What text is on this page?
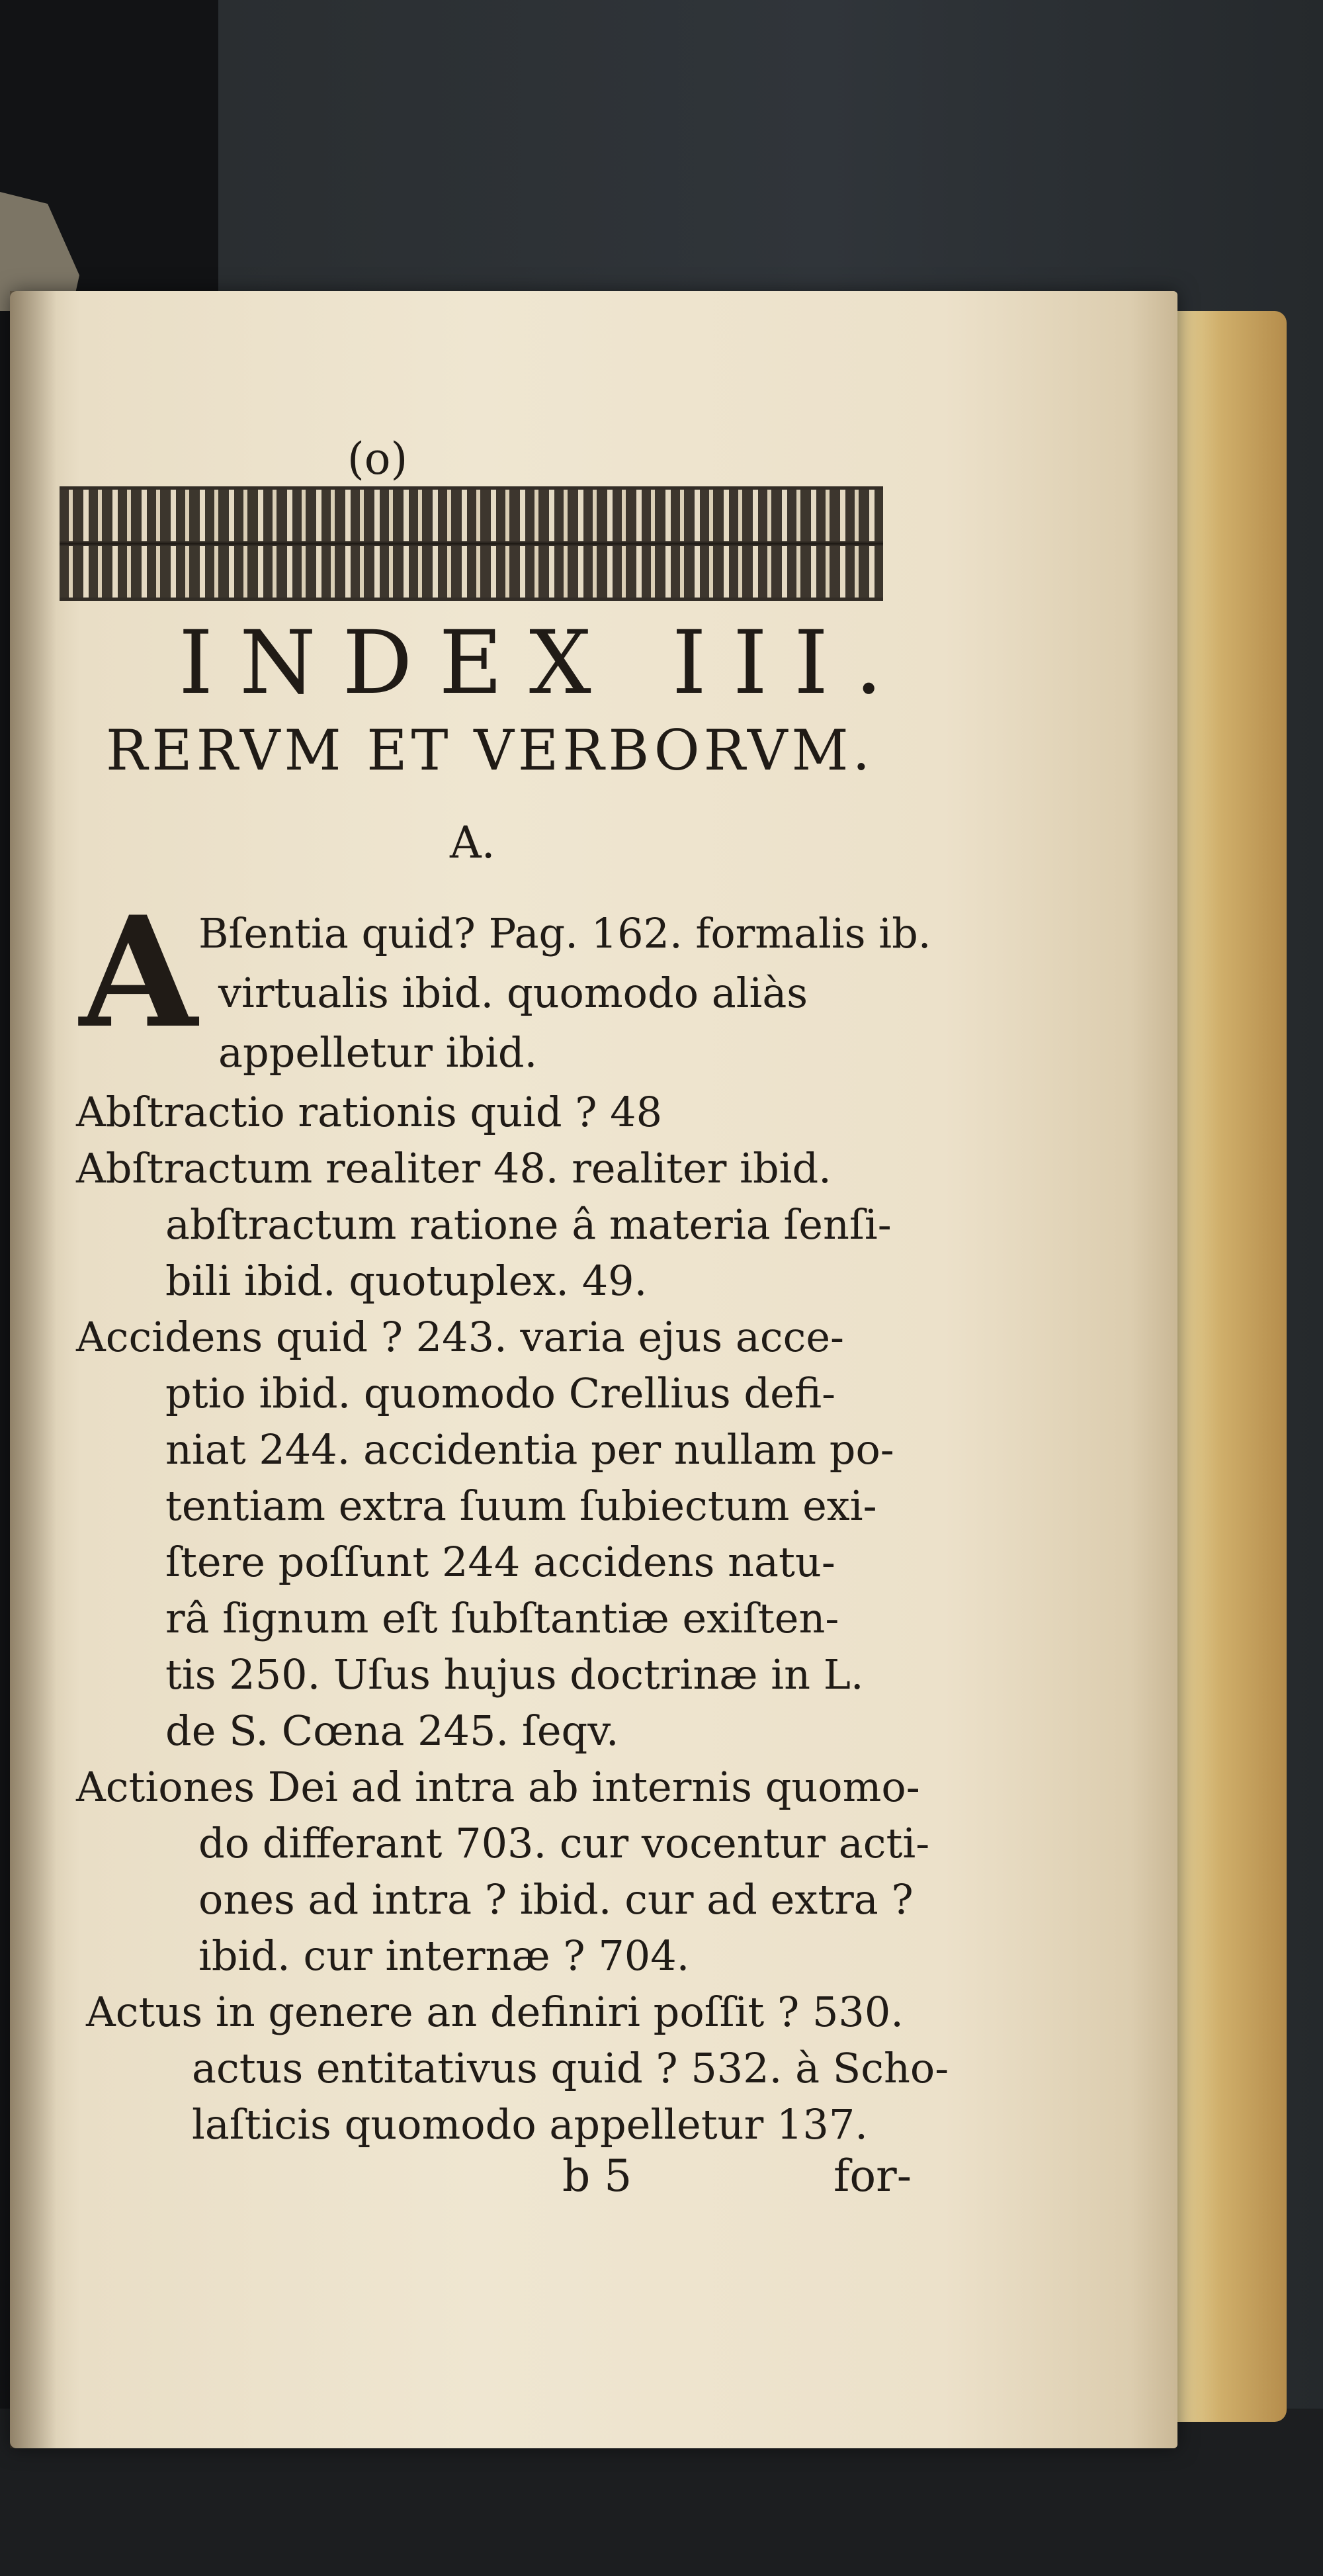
(o)
INDEX III.
RERVM ET VERBORVM.
A.
A Bſentia quid? Pag. 162. formalis ib.
virtualis ibid. quomodo aliàs
appelletur ibid.
Abſtractio rationis quid ? 48
Abſtractum realiter 48. realiter ibid.
abſtractum ratione â materia ſenſi-
bili ibid. quotuplex. 49.
Accidens quid ? 243. varia ejus acce-
ptio ibid. quomodo Crellius defi-
niat 244. accidentia per nullam po-
tentiam extra ſuum ſubiectum exi-
ſtere poſſunt 244 accidens natu-
râ ſignum eſt ſubſtantiæ exiſten-
tis 250. Uſus hujus doctrinæ in L.
de S. Cœna 245. ſeqv.
Actiones Dei ad intra ab internis quomo-
do differant 703. cur vocentur acti-
ones ad intra ? ibid. cur ad extra ?
ibid. cur internæ ? 704.
Actus in genere an definiri poſſit ? 530.
actus entitativus quid ? 532. à Scho-
laſticis quomodo appelletur 137.
b 5	for-
